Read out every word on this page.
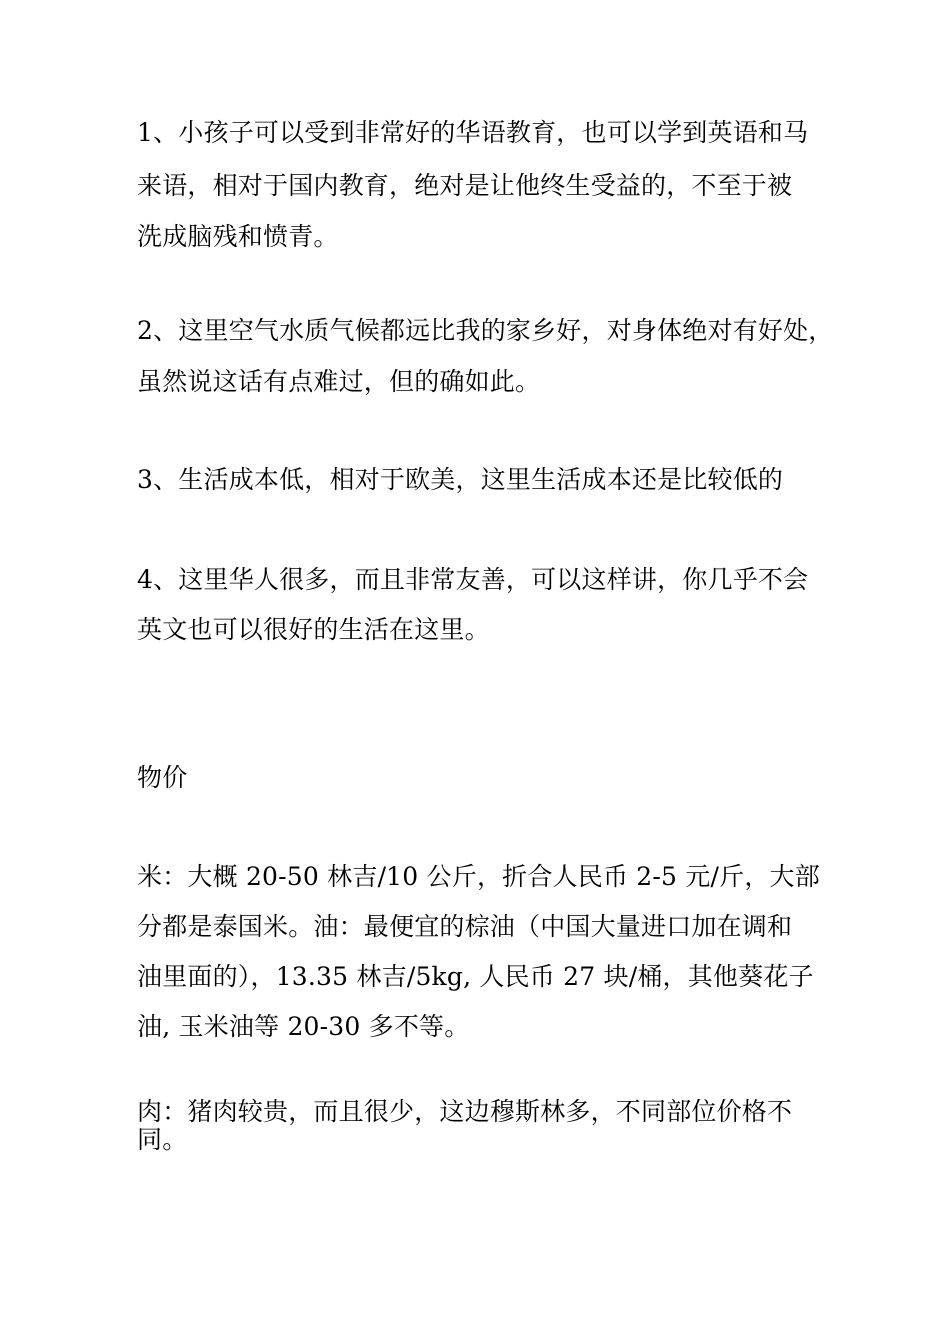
1、小孩子可以受到非常好的华语教育，也可以学到英语和马
来语，相对于国内教育，绝对是让他终生受益的，不至于被
洗成脑残和愤青。
2、这里空气水质气候都远比我的家乡好，对身体绝对有好处，
虽然说这话有点难过，但的确如此。
3、生活成本低，相对于欧美，这里生活成本还是比较低的
4、这里华人很多，而且非常友善，可以这样讲，你几乎不会
英文也可以很好的生活在这里。
物价
米：大概 20-50 林吉/10 公斤，折合人民币 2-5 元/斤，大部
分都是泰国米。油：最便宜的棕油（中国大量进口加在调和
油里面的），13.35 林吉/5kg, 人民币 27 块/桶，其他葵花子
油, 玉米油等 20-30 多不等。
肉：猪肉较贵，而且很少，这边穆斯林多，不同部位价格不
同。
